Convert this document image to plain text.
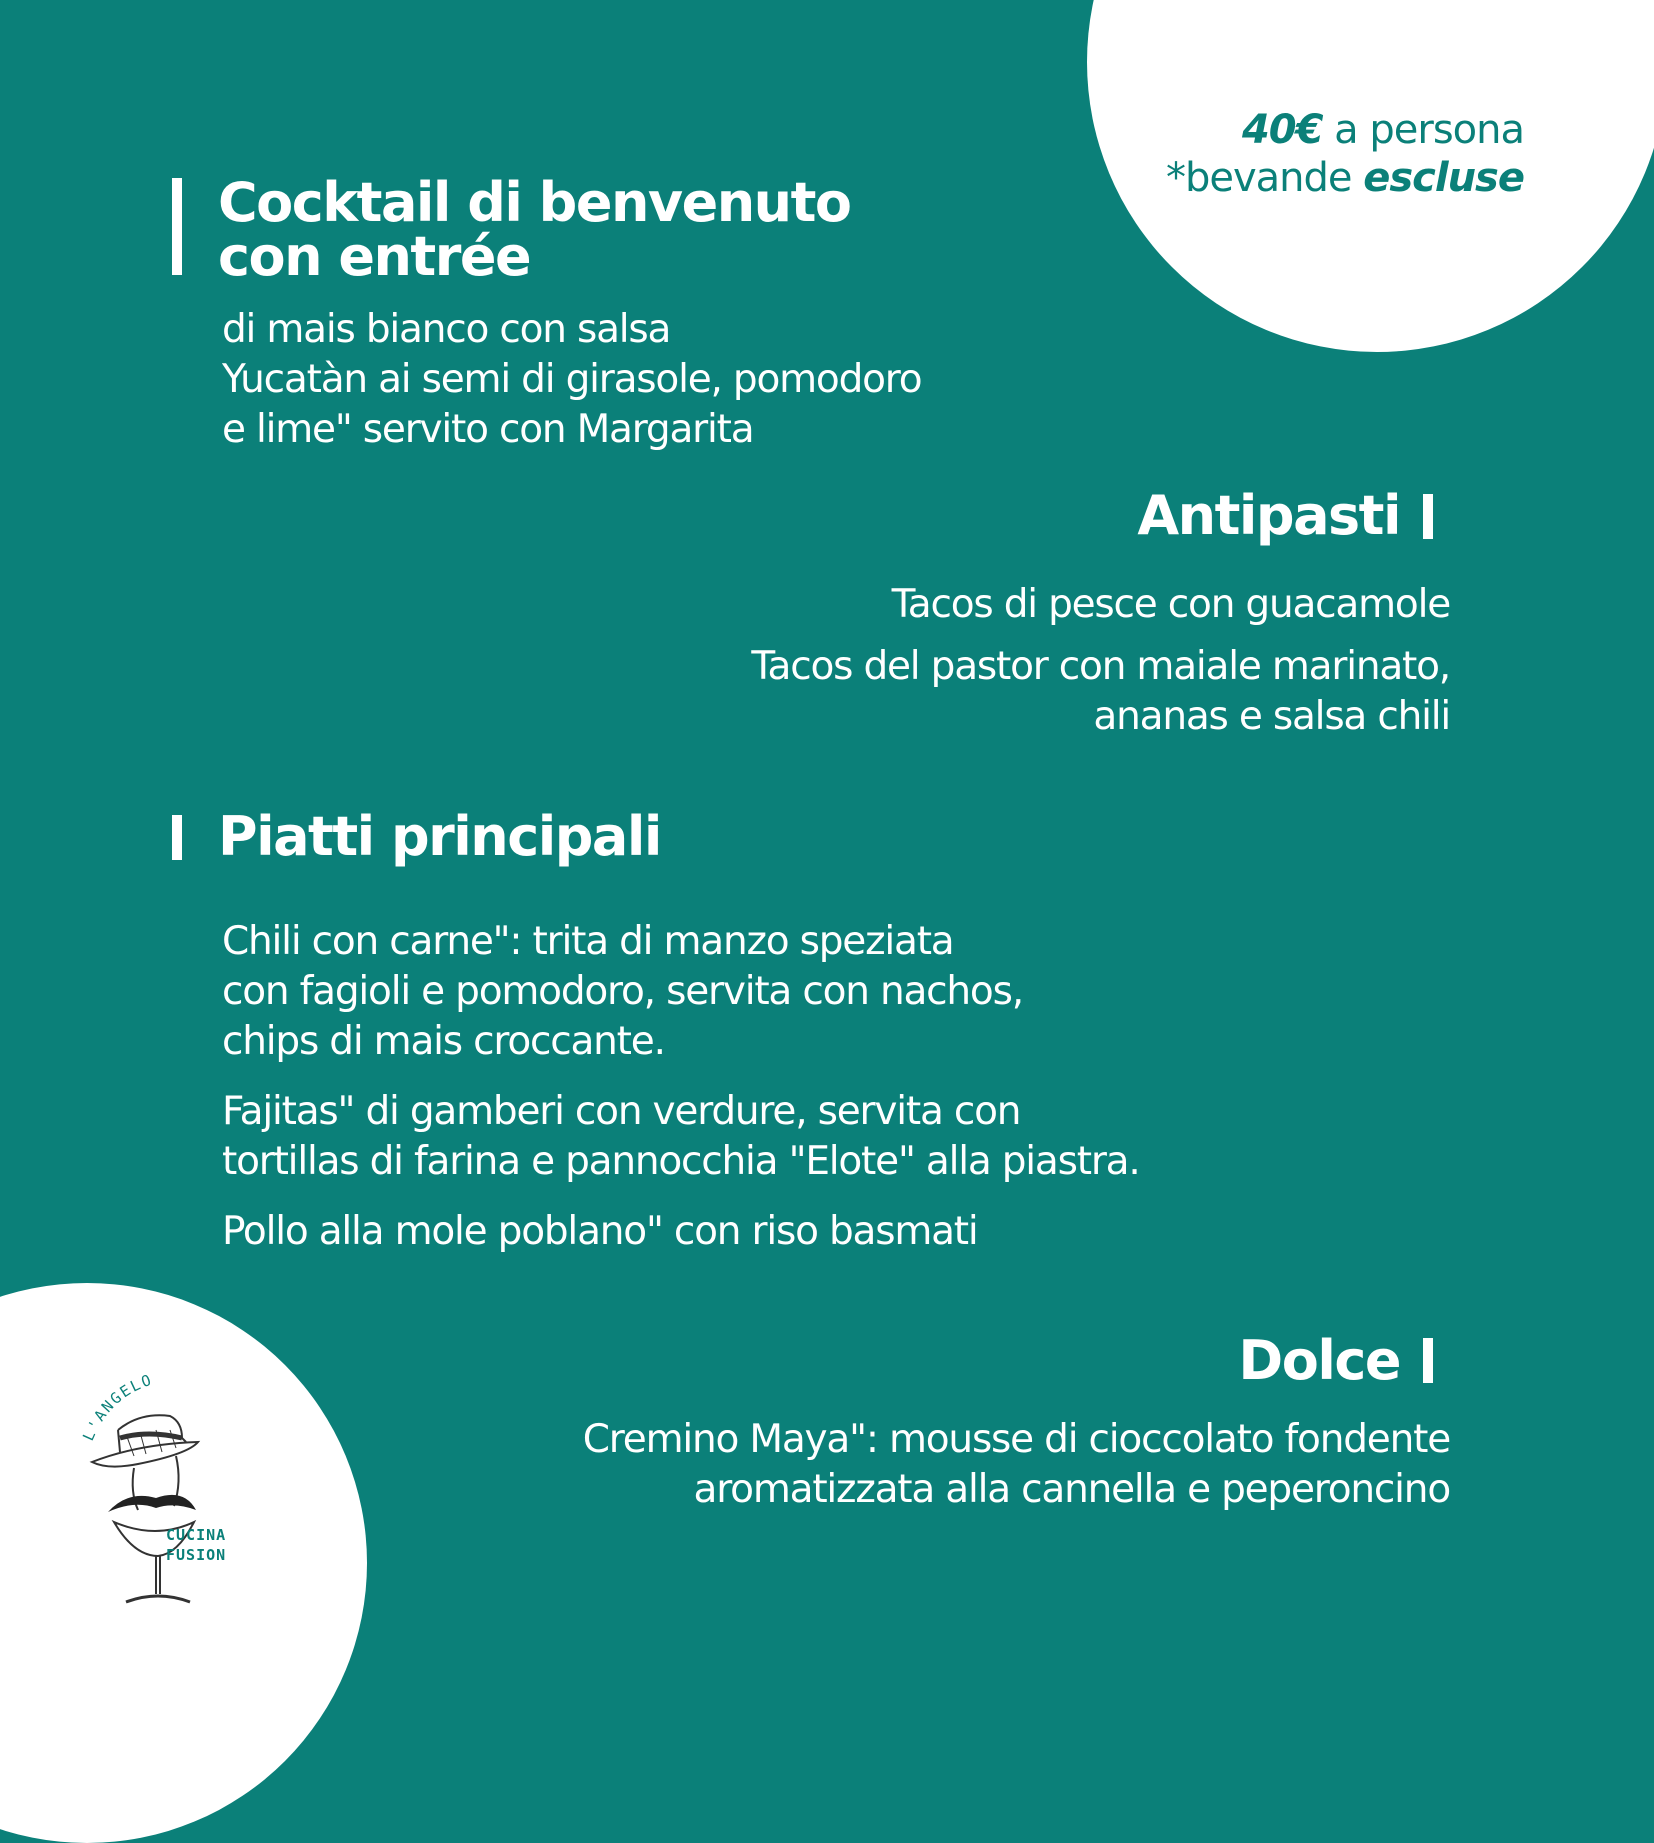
40€ a persona
*bevande escluse
Cocktail di benvenuto
con entrée

di mais bianco con salsa

Yucatàn ai semi di girasole, pomodoro

e lime" servito con Margarita

Antipasti

Tacos di pesce con guacamole

Tacos del pastor con maiale marinato,

ananas e salsa chili

Piatti principali

Chili con carne": trita di manzo speziata

con fagioli e pomodoro, servita con nachos,

chips di mais croccante.

Fajitas" di gamberi con verdure, servita con

tortillas di farina e pannocchia "Elote" alla piastra.

Pollo alla mole poblano" con riso basmati

Dolce

Cremino Maya": mousse di cioccolato fondente

aromatizzata alla cannella e peperoncino

L'ANGELO
CUCINA
FUSION
